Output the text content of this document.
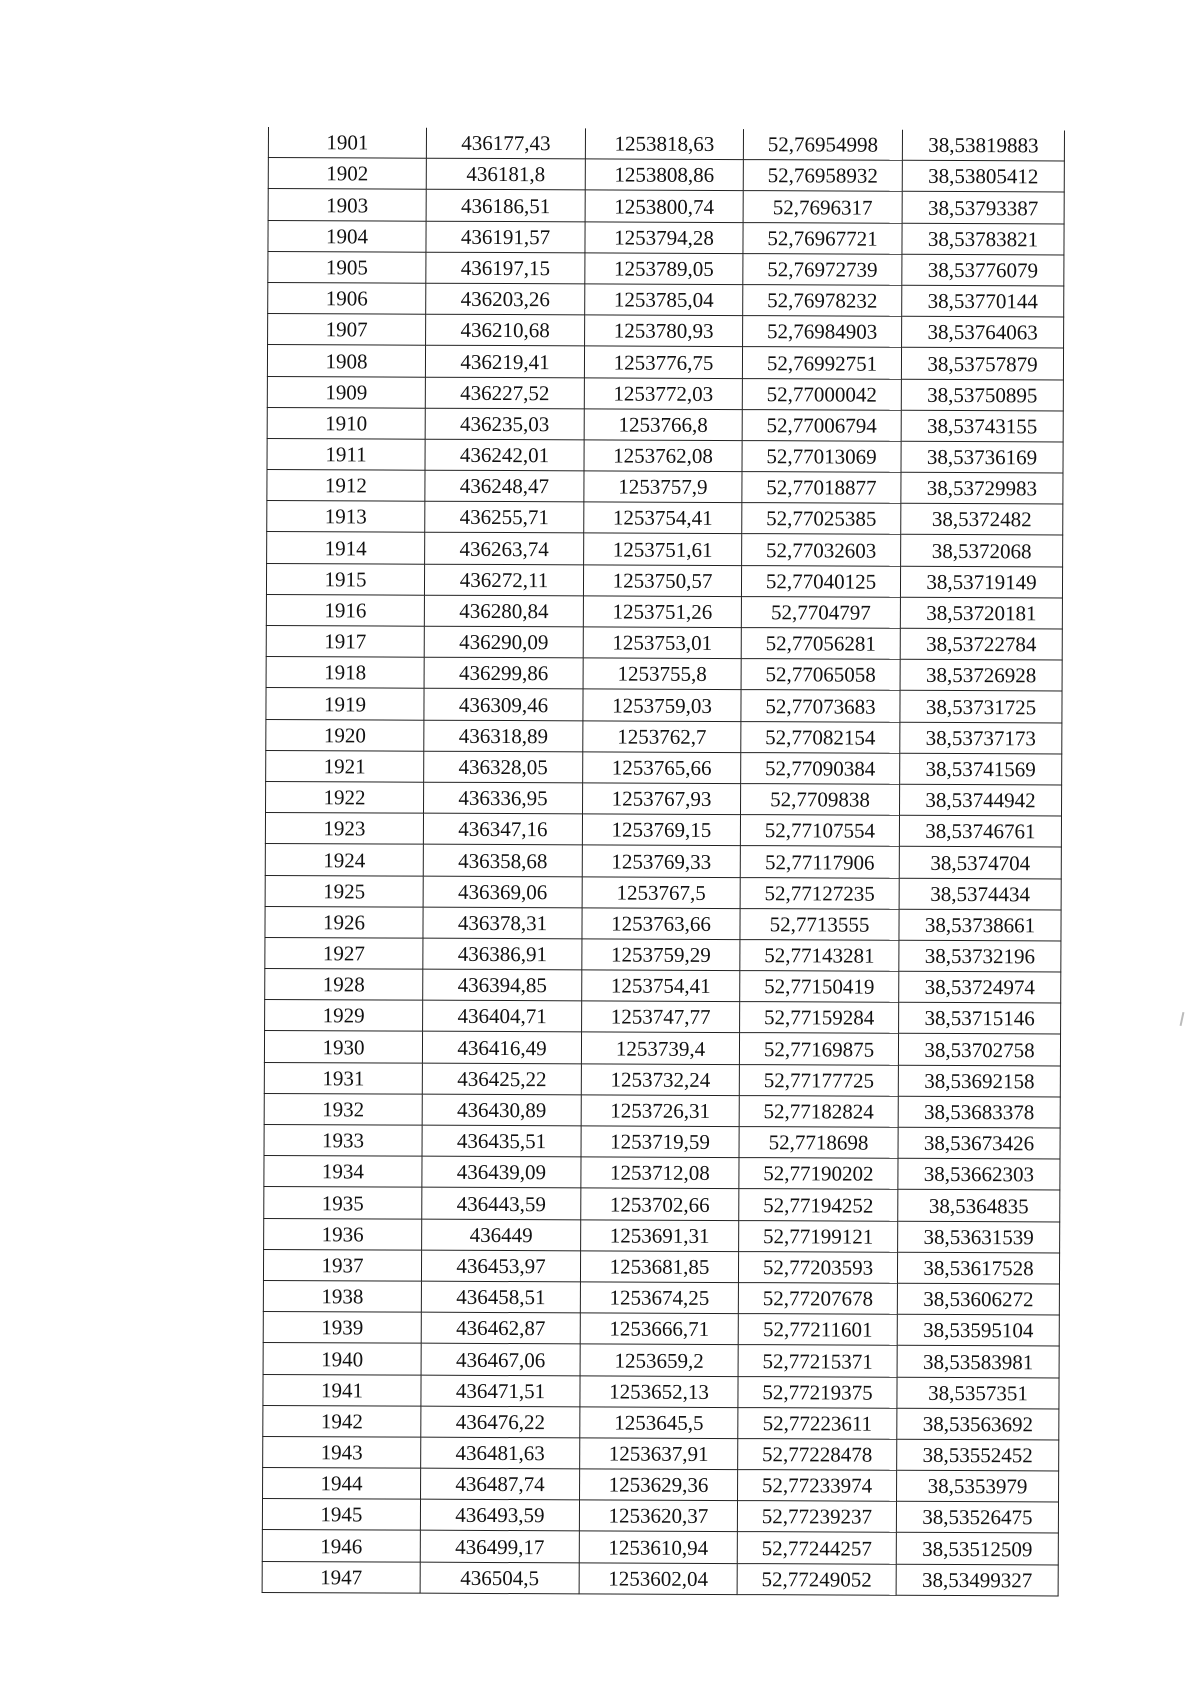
1901	436177,43	1253818,63	52,76954998	38,53819883
1902	436181,8	1253808,86	52,76958932	38,53805412
1903	436186,51	1253800,74	52,7696317	38,53793387
1904	436191,57	1253794,28	52,76967721	38,53783821
1905	436197,15	1253789,05	52,76972739	38,53776079
1906	436203,26	1253785,04	52,76978232	38,53770144
1907	436210,68	1253780,93	52,76984903	38,53764063
1908	436219,41	1253776,75	52,76992751	38,53757879
1909	436227,52	1253772,03	52,77000042	38,53750895
1910	436235,03	1253766,8	52,77006794	38,53743155
1911	436242,01	1253762,08	52,77013069	38,53736169
1912	436248,47	1253757,9	52,77018877	38,53729983
1913	436255,71	1253754,41	52,77025385	38,5372482
1914	436263,74	1253751,61	52,77032603	38,5372068
1915	436272,11	1253750,57	52,77040125	38,53719149
1916	436280,84	1253751,26	52,7704797	38,53720181
1917	436290,09	1253753,01	52,77056281	38,53722784
1918	436299,86	1253755,8	52,77065058	38,53726928
1919	436309,46	1253759,03	52,77073683	38,53731725
1920	436318,89	1253762,7	52,77082154	38,53737173
1921	436328,05	1253765,66	52,77090384	38,53741569
1922	436336,95	1253767,93	52,7709838	38,53744942
1923	436347,16	1253769,15	52,77107554	38,53746761
1924	436358,68	1253769,33	52,77117906	38,5374704
1925	436369,06	1253767,5	52,77127235	38,5374434
1926	436378,31	1253763,66	52,7713555	38,53738661
1927	436386,91	1253759,29	52,77143281	38,53732196
1928	436394,85	1253754,41	52,77150419	38,53724974
1929	436404,71	1253747,77	52,77159284	38,53715146
1930	436416,49	1253739,4	52,77169875	38,53702758
1931	436425,22	1253732,24	52,77177725	38,53692158
1932	436430,89	1253726,31	52,77182824	38,53683378
1933	436435,51	1253719,59	52,7718698	38,53673426
1934	436439,09	1253712,08	52,77190202	38,53662303
1935	436443,59	1253702,66	52,77194252	38,5364835
1936	436449	1253691,31	52,77199121	38,53631539
1937	436453,97	1253681,85	52,77203593	38,53617528
1938	436458,51	1253674,25	52,77207678	38,53606272
1939	436462,87	1253666,71	52,77211601	38,53595104
1940	436467,06	1253659,2	52,77215371	38,53583981
1941	436471,51	1253652,13	52,77219375	38,5357351
1942	436476,22	1253645,5	52,77223611	38,53563692
1943	436481,63	1253637,91	52,77228478	38,53552452
1944	436487,74	1253629,36	52,77233974	38,5353979
1945	436493,59	1253620,37	52,77239237	38,53526475
1946	436499,17	1253610,94	52,77244257	38,53512509
1947	436504,5	1253602,04	52,77249052	38,53499327
